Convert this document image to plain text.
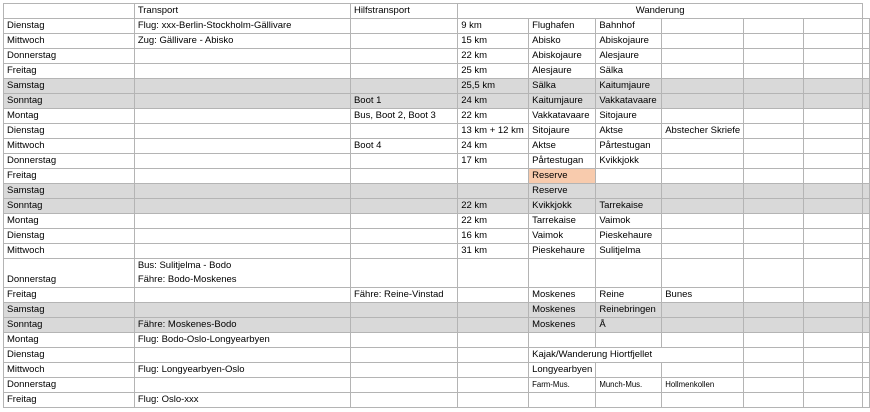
	Transport	Hilfstransport	Wanderung						
Dienstag	Flug: xxx-Berlin-Stockholm-Gällivare		9 km	Flughafen	Bahnhof				
Mittwoch	Zug: Gällivare - Abisko		15 km	Abisko	Abiskojaure				
Donnerstag			22 km	Abiskojaure	Alesjaure				
Freitag			25 km	Alesjaure	Sälka				
Samstag			25,5 km	Sälka	Kaitumjaure				
Sonntag		Boot 1	24 km	Kaitumjaure	Vakkatavaare				
Montag		Bus, Boot 2, Boot 3	22 km	Vakkatavaare	Sitojaure				
Dienstag			13 km + 12 km	Sitojaure	Aktse	Abstecher Skriefe			
Mittwoch		Boot 4	24 km	Aktse	Pårtestugan				
Donnerstag			17 km	Pårtestugan	Kvikkjokk				
Freitag				Reserve					
Samstag				Reserve					
Sonntag			22 km	Kvikkjokk	Tarrekaise				
Montag			22 km	Tarrekaise	Vaimok				
Dienstag			16 km	Vaimok	Pieskehaure				
Mittwoch			31 km	Pieskehaure	Sulitjelma				
Donnerstag	Bus: Sulitjelma - Bodo
Fähre: Bodo-Moskenes								

Freitag		Fähre: Reine-Vinstad		Moskenes	Reine	Bunes			
Samstag				Moskenes	Reinebringen				
Sonntag	Fähre: Moskenes-Bodo			Moskenes	Å				
Montag	Flug: Bodo-Oslo-Longyearbyen								
Dienstag				Kajak/Wanderung Hiortfjellet					
Mittwoch	Flug: Longyearbyen-Oslo			Longyearbyen					
Donnerstag				Farm-Mus.	Munch-Mus.	Hollmenkollen			
Freitag	Flug: Oslo-xxx								
